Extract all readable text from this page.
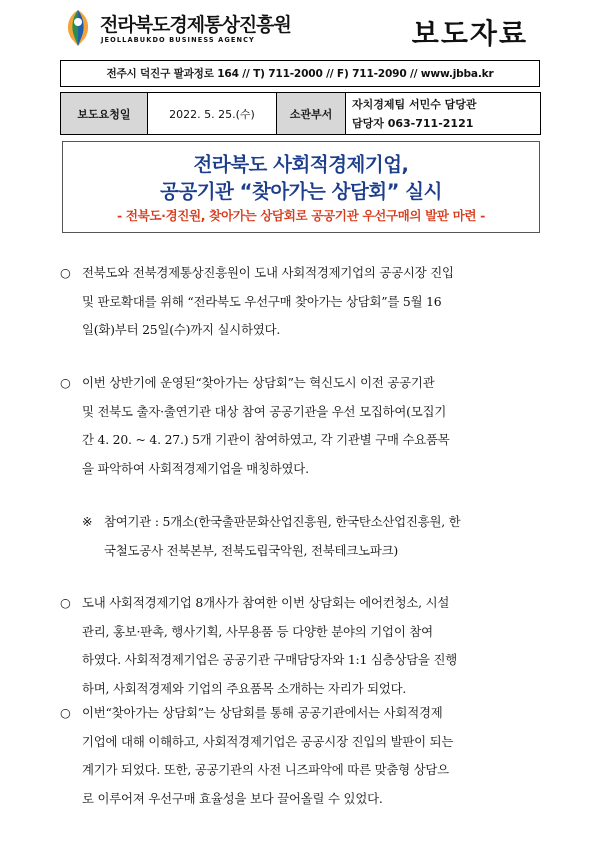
전라북도경제통상진흥원
JEOLLABUKDO BUSINESS AGENCY	보도자료
전주시 덕진구 팔과정로 164 // T) 711-2000 // F) 711-2090 // www.jbba.kr
보도요청일	2022. 5. 25.(수)	소관부서	
자치경제팀 서민수 담당관
담당자 063-711-2121
전라북도 사회적경제기업,
공공기관 “찾아가는 상담회” 실시
- 전북도·경진원, 찾아가는 상담회로 공공기관 우선구매의 발판 마련 -
○ 전북도와 전북경제통상진흥원이 도내 사회적경제기업의 공공시장 진입
및 판로확대를 위해 “전라북도 우선구매 찾아가는 상담회”를 5월 16
일(화)부터 25일(수)까지 실시하였다.
○ 이번 상반기에 운영된“찾아가는 상담회”는 혁신도시 이전 공공기관
및 전북도 출자·출연기관 대상 참여 공공기관을 우선 모집하여(모집기
간 4. 20. ~ 4. 27.) 5개 기관이 참여하였고, 각 기관별 구매 수요품목
을 파악하여 사회적경제기업을 매칭하였다.
※ 참여기관 : 5개소(한국출판문화산업진흥원, 한국탄소산업진흥원, 한
국철도공사 전북본부, 전북도립국악원, 전북테크노파크)
○ 도내 사회적경제기업 8개사가 참여한 이번 상담회는 에어컨청소, 시설
관리, 홍보·판촉, 행사기획, 사무용품 등 다양한 분야의 기업이 참여
하였다. 사회적경제기업은 공공기관 구매담당자와 1:1 심층상담을 진행
하며, 사회적경제와 기업의 주요품목 소개하는 자리가 되었다.
○ 이번“찾아가는 상담회”는 상담회를 통해 공공기관에서는 사회적경제
기업에 대해 이해하고, 사회적경제기업은 공공시장 진입의 발판이 되는
계기가 되었다. 또한, 공공기관의 사전 니즈파악에 따른 맞춤형 상담으
로 이루어져 우선구매 효율성을 보다 끌어올릴 수 있었다.
